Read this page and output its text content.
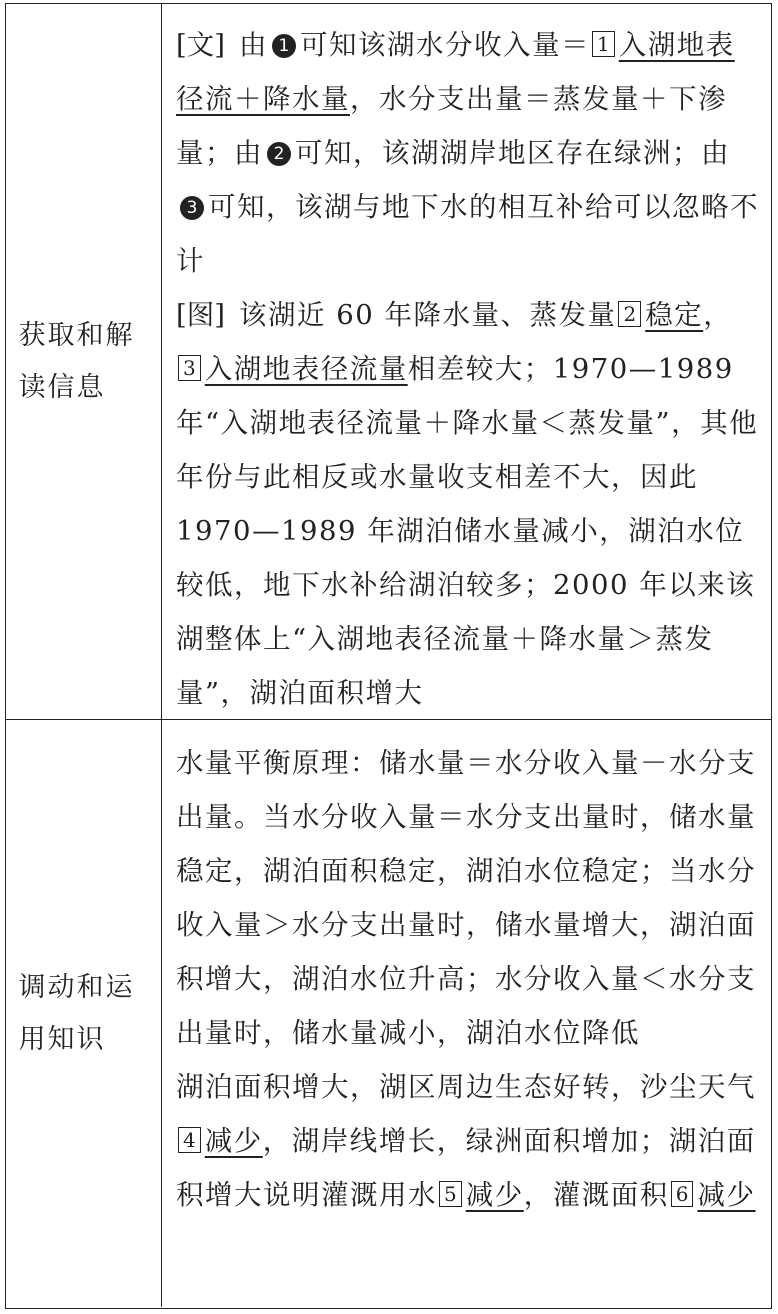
获取和解读信息
[文] 由 1 可知该湖水分收入量＝ 1 入湖地表径流＋降水量，水分支出量＝蒸发量＋下渗量；由 2 可知，该湖湖岸地区存在绿洲；由3 可知，该湖与地下水的相互补给可以忽略不计
[图] 该湖近 60 年降水量、蒸发量 2 稳定，3 入湖地表径流量相差较大；1970—1989 年“入湖地表径流量＋降水量＜蒸发量”，其他年份与此相反或水量收支相差不大，因此 1970—1989 年湖泊储水量减小，湖泊水位较低，地下水补给湖泊较多；2000 年以来该湖整体上“入湖地表径流量＋降水量＞蒸发量”，湖泊面积增大
调动和运用知识
水量平衡原理：储水量＝水分收入量－水分支出量。当水分收入量＝水分支出量时，储水量稳定，湖泊面积稳定，湖泊水位稳定；当水分收入量＞水分支出量时，储水量增大，湖泊面积增大，湖泊水位升高；水分收入量＜水分支出量时，储水量减小，湖泊水位降低
湖泊面积增大，湖区周边生态好转，沙尘天气4 减少，湖岸线增长，绿洲面积增加；湖泊面积增大说明灌溉用水 5 减少，灌溉面积 6 减少
